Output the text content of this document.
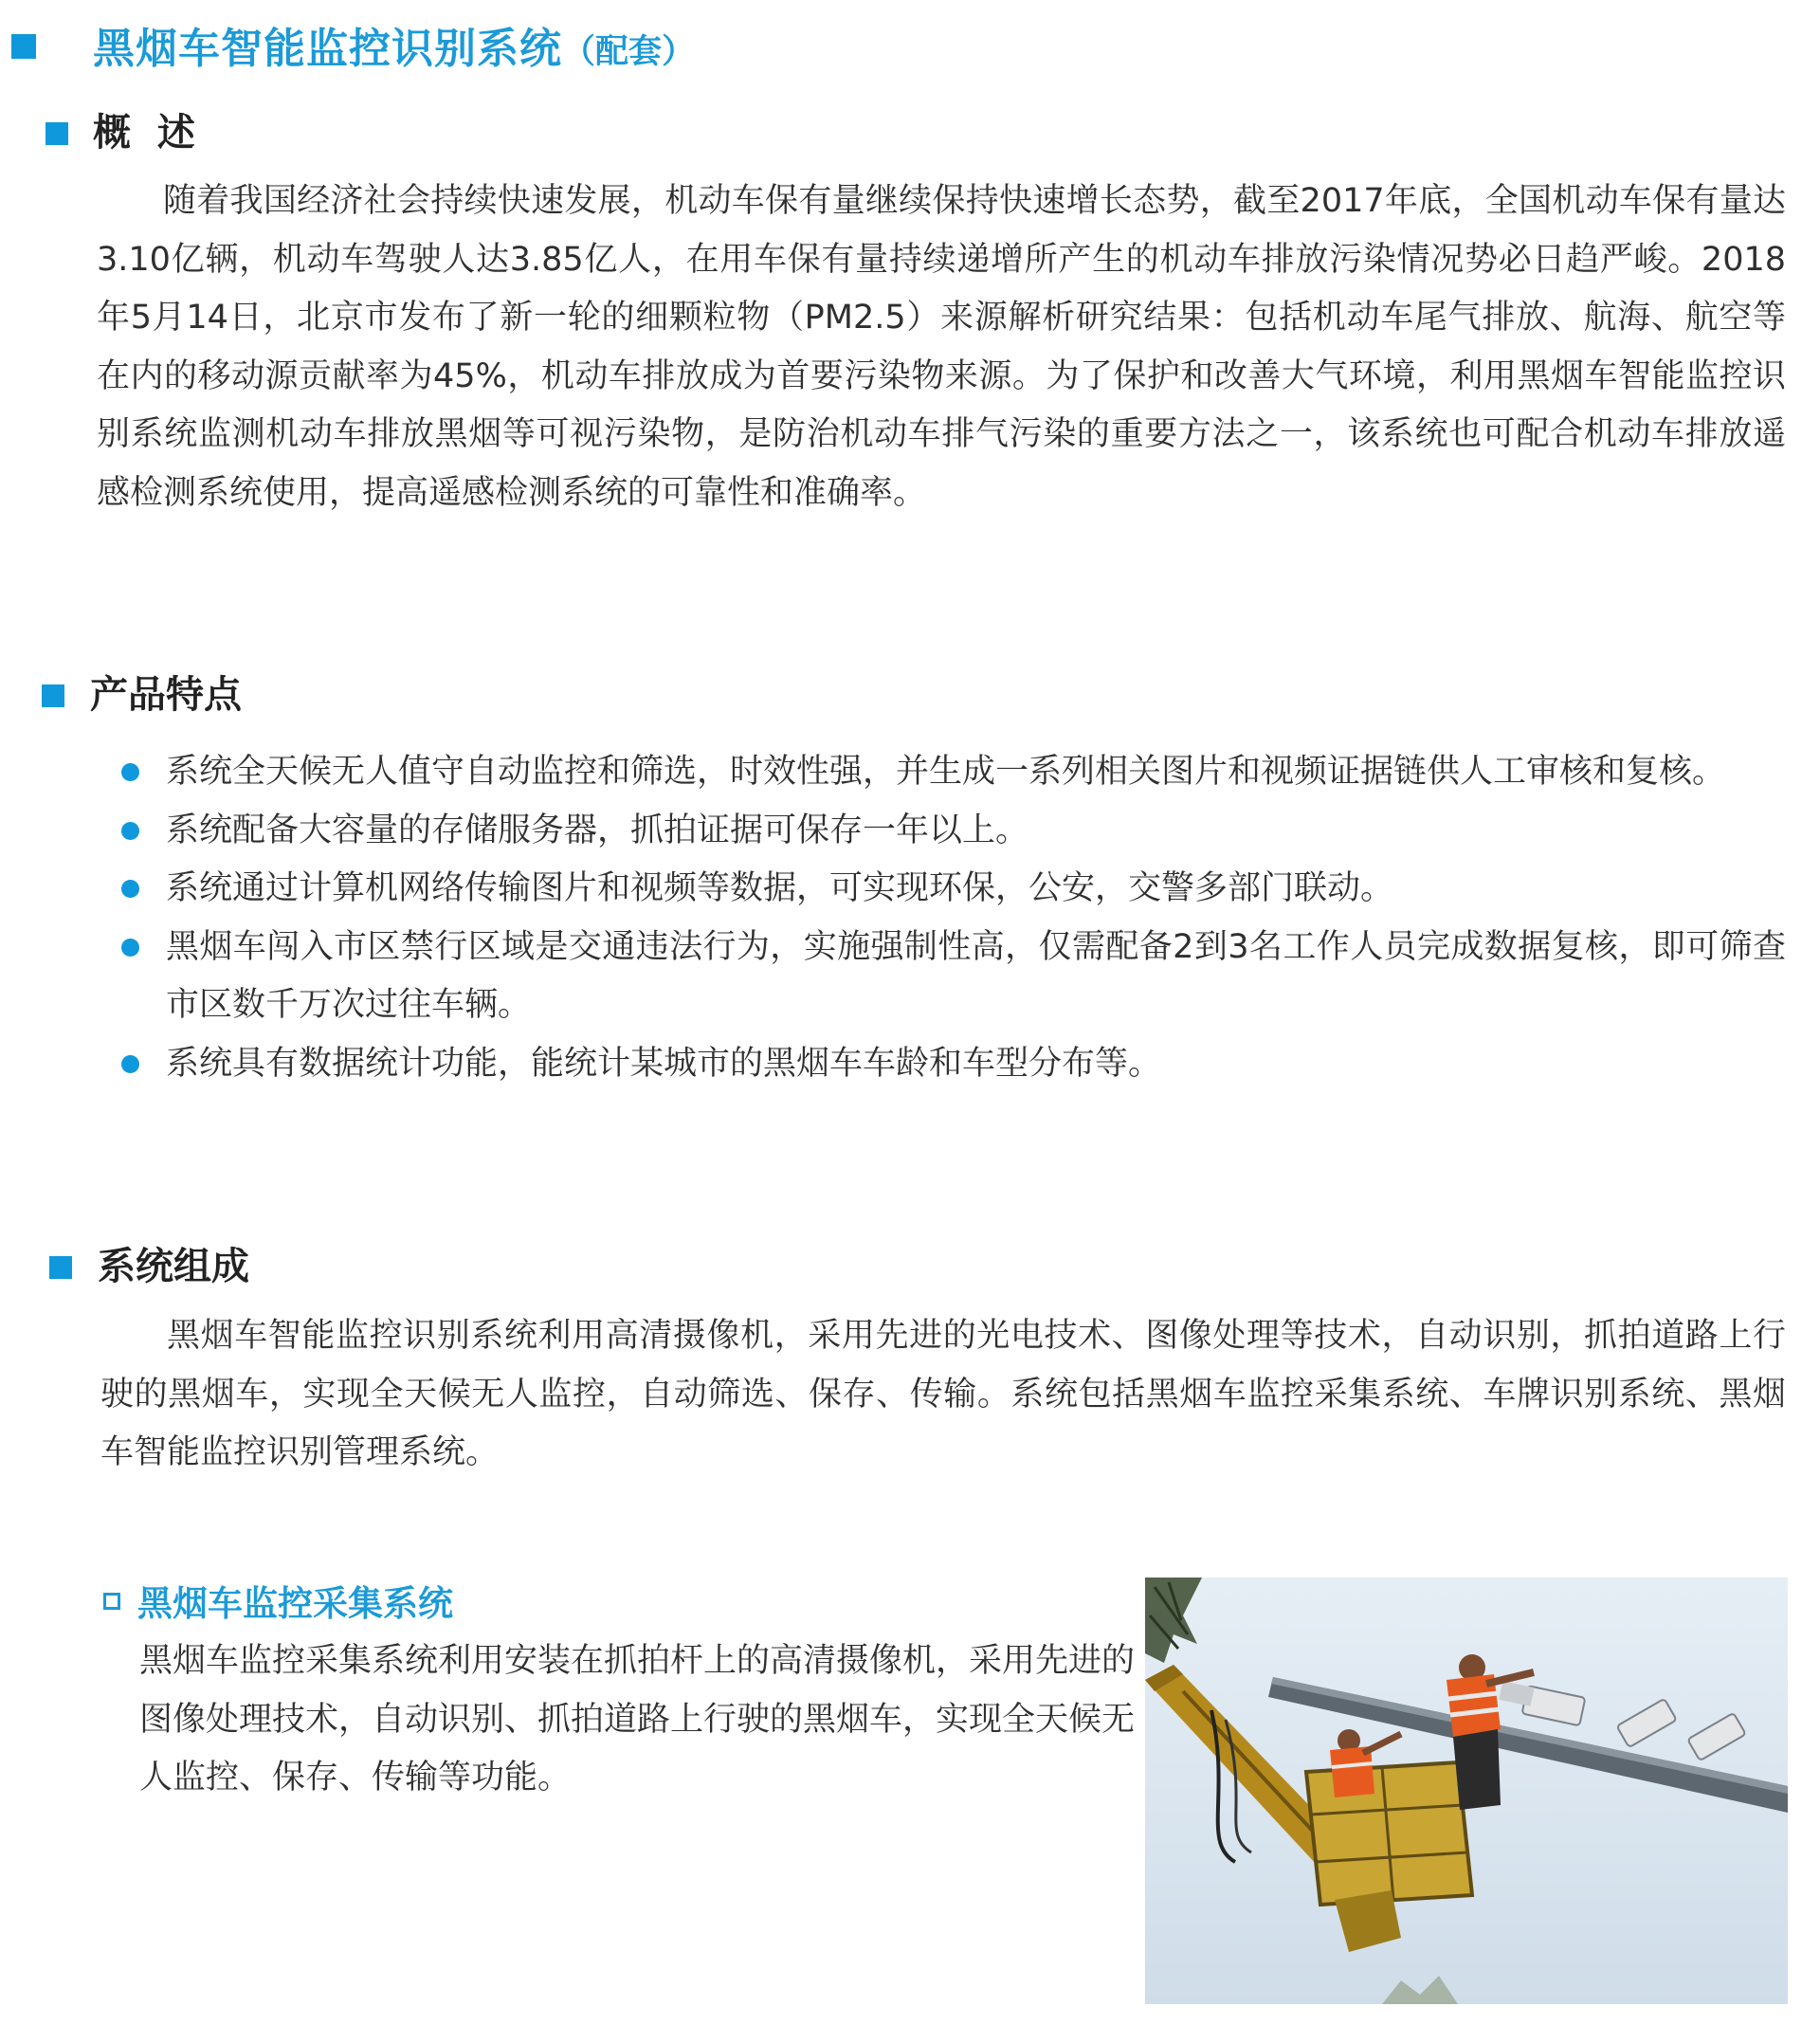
黑烟车智能监控识别系统（配套）
概  述

随着我国经济社会持续快速发展，机动车保有量继续保持快速增长态势，截至2017年底，全国机动车保有量达3.10亿辆，机动车驾驶人达3.85亿人，在用车保有量持续递增所产生的机动车排放污染情况势必日趋严峻。2018年5月14日，北京市发布了新一轮的细颗粒物（PM2.5）来源解析研究结果：包括机动车尾气排放、航海、航空等在内的移动源贡献率为45%，机动车排放成为首要污染物来源。为了保护和改善大气环境，利用黑烟车智能监控识别系统监测机动车排放黑烟等可视污染物，是防治机动车排气污染的重要方法之一，该系统也可配合机动车排放遥感检测系统使用，提高遥感检测系统的可靠性和准确率。

产品特点
系统全天候无人值守自动监控和筛选，时效性强，并生成一系列相关图片和视频证据链供人工审核和复核。
系统配备大容量的存储服务器，抓拍证据可保存一年以上。
系统通过计算机网络传输图片和视频等数据，可实现环保，公安，交警多部门联动。
黑烟车闯入市区禁行区域是交通违法行为，实施强制性高，仅需配备2到3名工作人员完成数据复核，即可筛查市区数千万次过往车辆。
系统具有数据统计功能，能统计某城市的黑烟车车龄和车型分布等。
系统组成

黑烟车智能监控识别系统利用高清摄像机，采用先进的光电技术、图像处理等技术，自动识别，抓拍道路上行驶的黑烟车，实现全天候无人监控，自动筛选、保存、传输。系统包括黑烟车监控采集系统、车牌识别系统、黑烟车智能监控识别管理系统。

黑烟车监控采集系统

黑烟车监控采集系统利用安装在抓拍杆上的高清摄像机，采用先进的图像处理技术，自动识别、抓拍道路上行驶的黑烟车，实现全天候无人监控、保存、传输等功能。
